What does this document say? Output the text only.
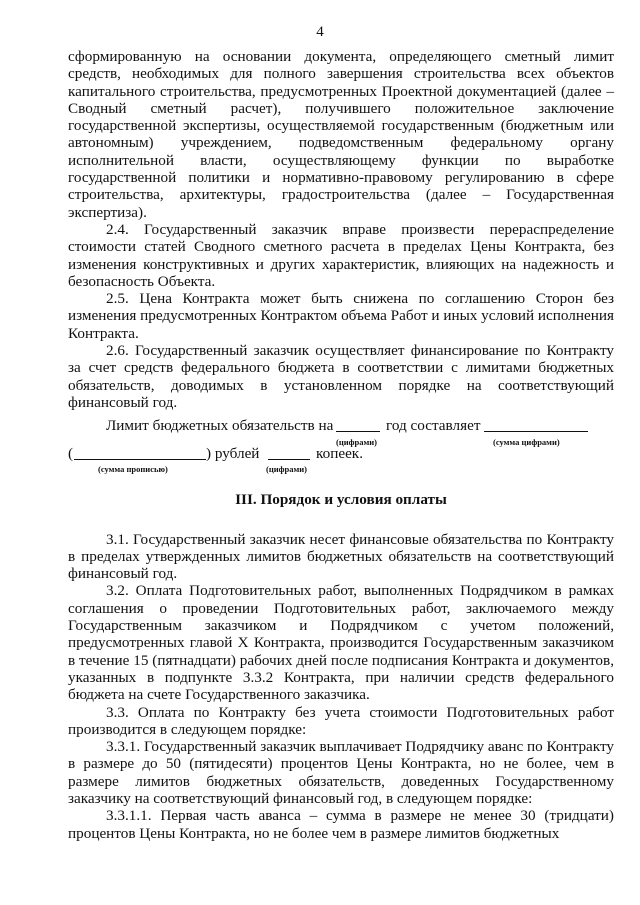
4

сформированную на основании документа, определяющего сметный лимит средств, необходимых для полного завершения строительства всех объектов капитального строительства, предусмотренных Проектной документацией (далее – Сводный сметный расчет), получившего положительное заключение государственной экспертизы, осуществляемой государственным (бюджетным или автономным) учреждением, подведомственным федеральному органу исполнительной власти, осуществляющему функции по выработке государственной политики и нормативно-правовому регулированию в сфере строительства, архитектуры, градостроительства (далее – Государственная экспертиза).

2.4. Государственный заказчик вправе произвести перераспределение стоимости статей Сводного сметного расчета в пределах Цены Контракта, без изменения конструктивных и других характеристик, влияющих на надежность и безопасность Объекта.

2.5. Цена Контракта может быть снижена по соглашению Сторон без изменения предусмотренных Контрактом объема Работ и иных условий исполнения Контракта.

2.6. Государственный заказчик осуществляет финансирование по Контракту за счет средств федерального бюджета в соответствии с лимитами бюджетных обязательств, доводимых в установленном порядке на соответствующий финансовый год.

Лимит бюджетных обязательств на	год составляет
(цифрами)	(сумма цифрами)
(	) рублей	копеек.
(сумма прописью)	(цифрами)
III. Порядок и условия оплаты

3.1. Государственный заказчик несет финансовые обязательства по Контракту в пределах утвержденных лимитов бюджетных обязательств на соответствующий финансовый год.

3.2. Оплата Подготовительных работ, выполненных Подрядчиком в рамках соглашения о проведении Подготовительных работ, заключаемого между Государственным заказчиком и Подрядчиком с учетом положений, предусмотренных главой X Контракта, производится Государственным заказчиком в течение 15 (пятнадцати) рабочих дней после подписания Контракта и документов, указанных в подпункте 3.3.2 Контракта, при наличии средств федерального бюджета на счете Государственного заказчика.

3.3. Оплата по Контракту без учета стоимости Подготовительных работ производится в следующем порядке:

3.3.1. Государственный заказчик выплачивает Подрядчику аванс по Контракту в размере до 50 (пятидесяти) процентов Цены Контракта, но не более, чем в размере лимитов бюджетных обязательств, доведенных Государственному заказчику на соответствующий финансовый год, в следующем порядке:

3.3.1.1. Первая часть аванса – сумма в размере не менее 30 (тридцати) процентов Цены Контракта, но не более чем в размере лимитов бюджетных
